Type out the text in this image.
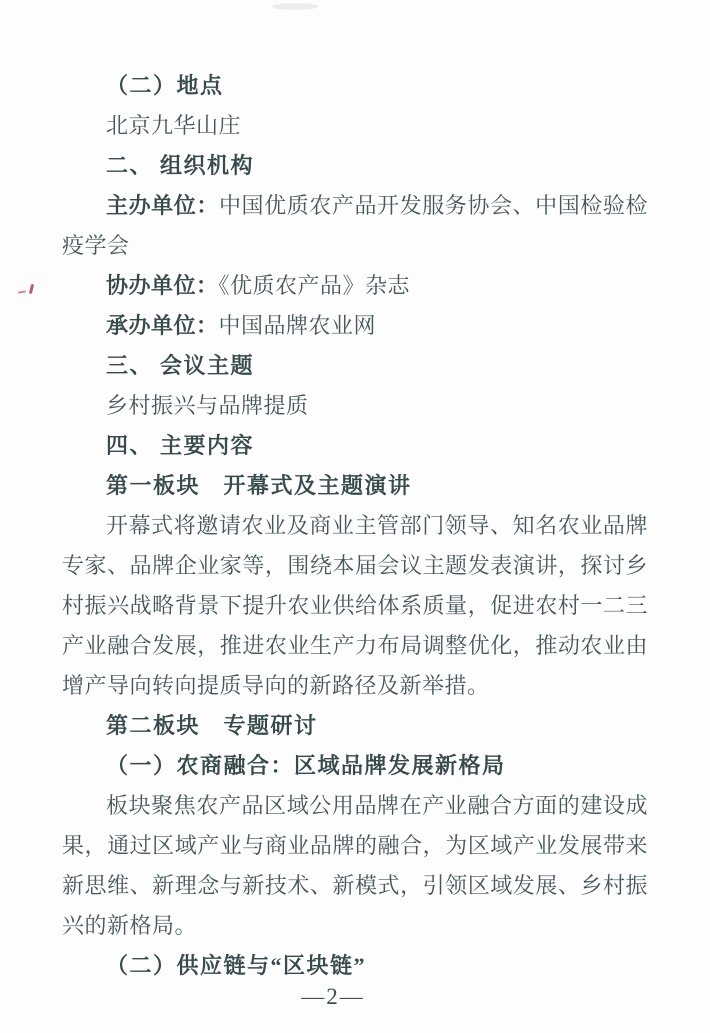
（二）地点

北京九华山庄

二、 组织机构

主办单位：中国优质农产品开发服务协会、中国检验检疫学会

协办单位：《优质农产品》杂志

承办单位：中国品牌农业网

三、 会议主题

乡村振兴与品牌提质

四、 主要内容

第一板块　开幕式及主题演讲

开幕式将邀请农业及商业主管部门领导、知名农业品牌专家、品牌企业家等，围绕本届会议主题发表演讲，探讨乡村振兴战略背景下提升农业供给体系质量，促进农村一二三产业融合发展，推进农业生产力布局调整优化，推动农业由增产导向转向提质导向的新路径及新举措。

第二板块　专题研讨

（一）农商融合：区域品牌发展新格局

板块聚焦农产品区域公用品牌在产业融合方面的建设成果，通过区域产业与商业品牌的融合，为区域产业发展带来新思维、新理念与新技术、新模式，引领区域发展、乡村振兴的新格局。

（二）供应链与“区块链”

—2—
